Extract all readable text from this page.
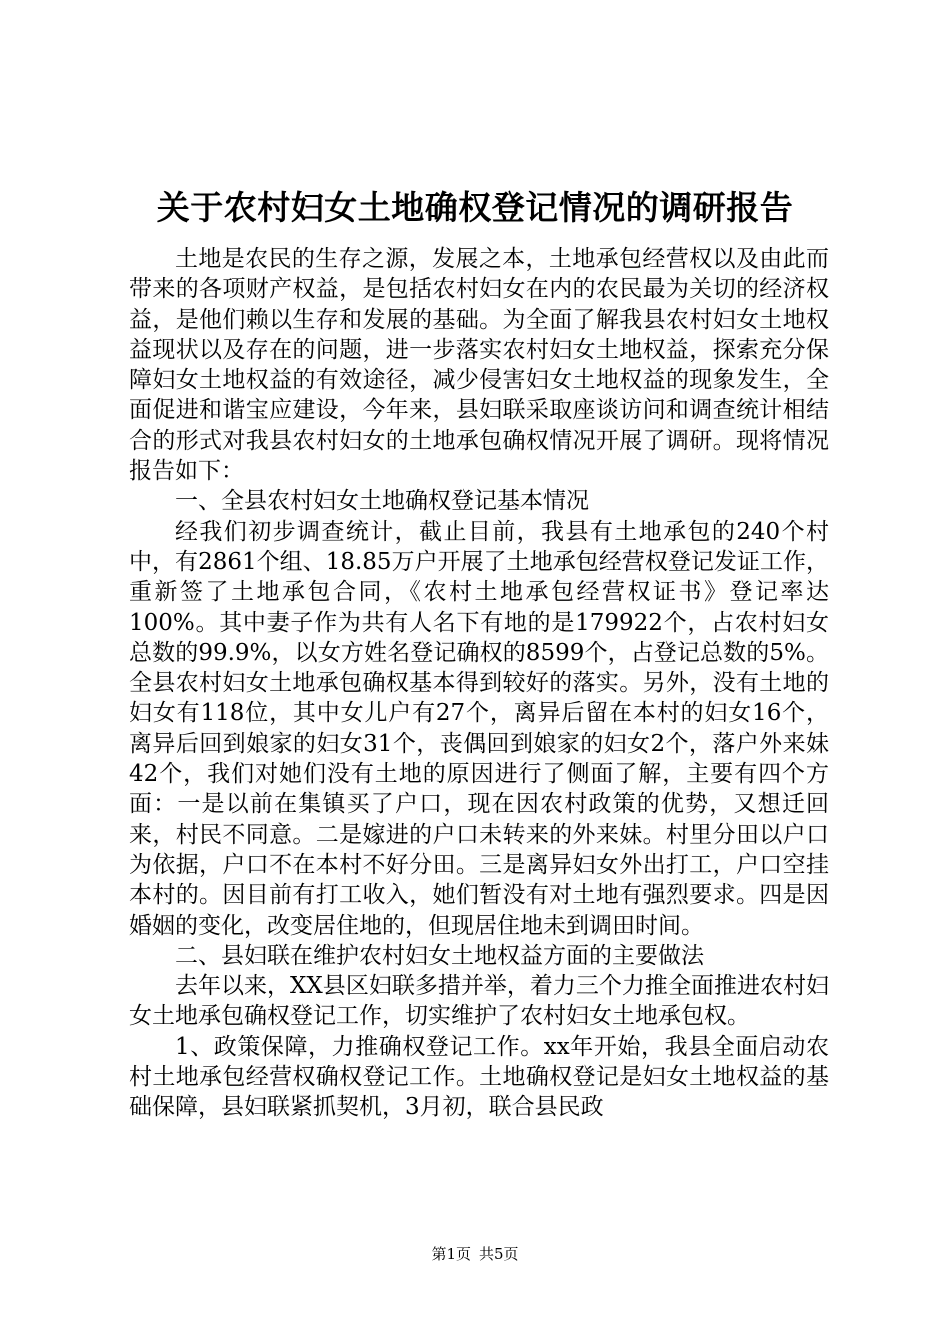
关于农村妇女土地确权登记情况的调研报告

土地是农民的生存之源，发展之本，土地承包经营权以及由此而带来的各项财产权益，是包括农村妇女在内的农民最为关切的经济权益，是他们赖以生存和发展的基础。为全面了解我县农村妇女土地权益现状以及存在的问题，进一步落实农村妇女土地权益，探索充分保障妇女土地权益的有效途径，减少侵害妇女土地权益的现象发生，全面促进和谐宝应建设，今年来，县妇联采取座谈访问和调查统计相结合的形式对我县农村妇女的土地承包确权情况开展了调研。现将情况报告如下：

一、全县农村妇女土地确权登记基本情况

经我们初步调查统计，截止目前，我县有土地承包的240个村中，有2861个组、18.85万户开展了土地承包经营权登记发证工作，重新签了土地承包合同，《农村土地承包经营权证书》登记率达100%。其中妻子作为共有人名下有地的是179922个，占农村妇女总数的99.9%，以女方姓名登记确权的8599个，占登记总数的5%。全县农村妇女土地承包确权基本得到较好的落实。另外，没有土地的妇女有118位，其中女儿户有27个，离异后留在本村的妇女16个，离异后回到娘家的妇女31个，丧偶回到娘家的妇女2个，落户外来妹42个，我们对她们没有土地的原因进行了侧面了解，主要有四个方面：一是以前在集镇买了户口，现在因农村政策的优势，又想迁回来，村民不同意。二是嫁进的户口未转来的外来妹。村里分田以户口为依据，户口不在本村不好分田。三是离异妇女外出打工，户口空挂本村的。因目前有打工收入，她们暂没有对土地有强烈要求。四是因婚姻的变化，改变居住地的，但现居住地未到调田时间。

二、县妇联在维护农村妇女土地权益方面的主要做法

去年以来，XX县区妇联多措并举，着力三个力推全面推进农村妇女土地承包确权登记工作，切实维护了农村妇女土地承包权。

1、政策保障，力推确权登记工作。xx年开始，我县全面启动农村土地承包经营权确权登记工作。土地确权登记是妇女土地权益的基础保障，县妇联紧抓契机，3月初，联合县民政

第1页 共5页
